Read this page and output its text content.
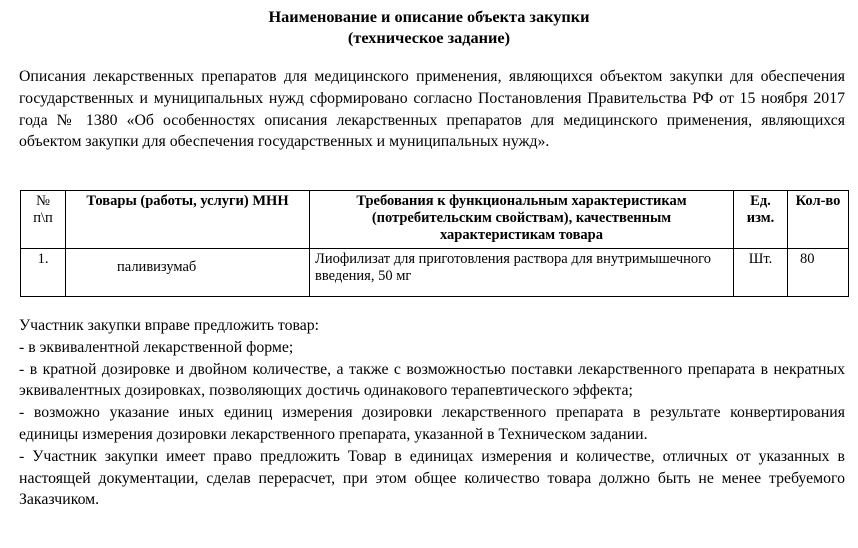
Наименование и описание объекта закупки
(техническое задание)
Описания лекарственных препаратов для медицинского применения, являющихся объектом закупки для обеспечения государственных и муниципальных нужд сформировано согласно Постановления Правительства РФ от 15 ноября 2017 года № 1380 «Об особенностях описания лекарственных препаратов для медицинского применения, являющихся объектом закупки для обеспечения государственных и муниципальных нужд».
№ п\п	Товары (работы, услуги) МНН	Требования к функциональным характеристикам (потребительским свойствам), качественным характеристикам товара	Ед. изм.	Кол-во
1.	паливизумаб	Лиофилизат для приготовления раствора для внутримышечного введения, 50 мг	Шт.	80
Участник закупки вправе предложить товар:
- в эквивалентной лекарственной форме;
- в кратной дозировке и двойном количестве, а также с возможностью поставки лекарственного препарата в некратных эквивалентных дозировках, позволяющих достичь одинакового терапевтического эффекта;
- возможно указание иных единиц измерения дозировки лекарственного препарата в результате конвертирования единицы измерения дозировки лекарственного препарата, указанной в Техническом задании.
- Участник закупки имеет право предложить Товар в единицах измерения и количестве, отличных от указанных в настоящей документации, сделав перерасчет, при этом общее количество товара должно быть не менее требуемого Заказчиком.
